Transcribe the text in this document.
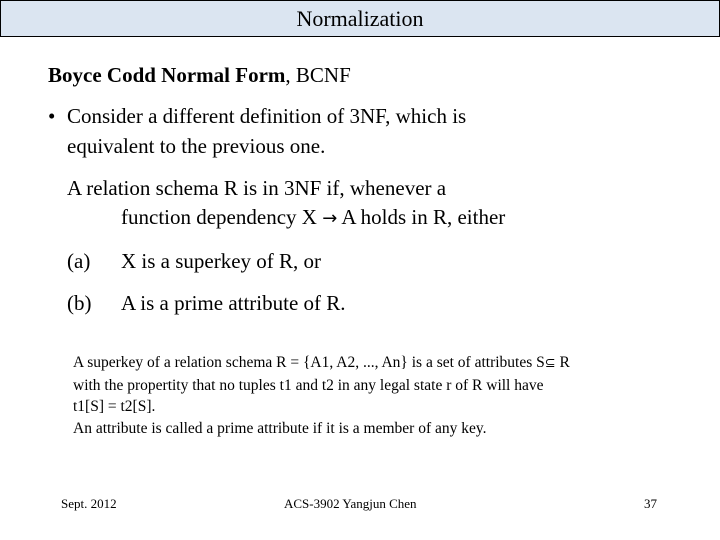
Normalization
Boyce Codd Normal Form, BCNF
• Consider a different definition of 3NF, which is
equivalent to the previous one.
A relation schema R is in 3NF if, whenever a
function dependency X → A holds in R, either
(a) X is a superkey of R, or
(b) A is a prime attribute of R.
A superkey of a relation schema R = {A1, A2, ..., An} is a set of attributes S⊆ R
with the propertity that no tuples t1 and t2 in any legal state r of R will have
t1[S] = t2[S].
An attribute is called a prime attribute if it is a member of any key.
Sept. 2012	ACS-3902 Yangjun Chen	37
